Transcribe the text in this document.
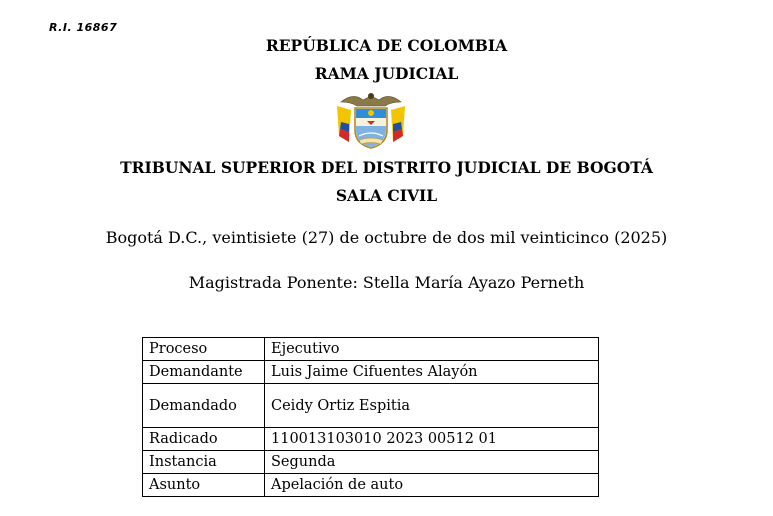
R.I. 16867
REPÚBLICA DE COLOMBIA
RAMA JUDICIAL
TRIBUNAL SUPERIOR DEL DISTRITO JUDICIAL DE BOGOTÁ
SALA CIVIL
Bogotá D.C., veintisiete (27) de octubre de dos mil veinticinco (2025)
Magistrada Ponente: Stella María Ayazo Perneth
Proceso	Ejecutivo
Demandante	Luis Jaime Cifuentes Alayón
Demandado	Ceidy Ortiz Espitia
Radicado	110013103010 2023 00512 01
Instancia	Segunda
Asunto	Apelación de auto
